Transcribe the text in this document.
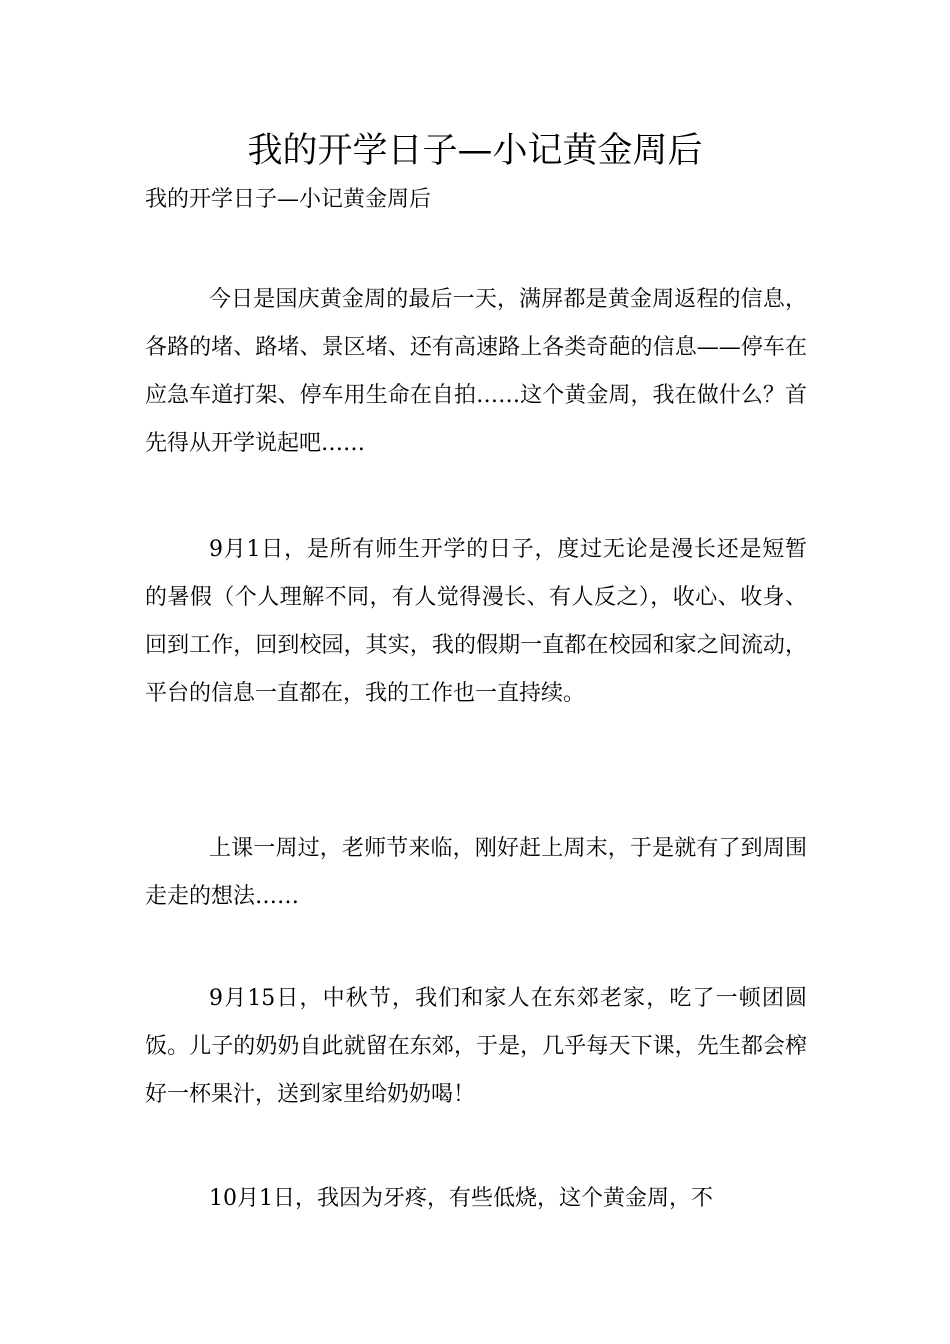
我的开学日子—小记黄金周后

我的开学日子—小记黄金周后

今日是国庆黄金周的最后一天，满屏都是黄金周返程的信息，各路的堵、路堵、景区堵、还有高速路上各类奇葩的信息——停车在应急车道打架、停车用生命在自拍……这个黄金周，我在做什么？首先得从开学说起吧……

9月1日，是所有师生开学的日子，度过无论是漫长还是短暂的暑假（个人理解不同，有人觉得漫长、有人反之），收心、收身、回到工作，回到校园，其实，我的假期一直都在校园和家之间流动，平台的信息一直都在，我的工作也一直持续。

上课一周过，老师节来临，刚好赶上周末，于是就有了到周围走走的想法……

9月15日，中秋节，我们和家人在东郊老家，吃了一顿团圆饭。儿子的奶奶自此就留在东郊，于是，几乎每天下课，先生都会榨好一杯果汁，送到家里给奶奶喝！

10月1日，我因为牙疼，有些低烧，这个黄金周，不
